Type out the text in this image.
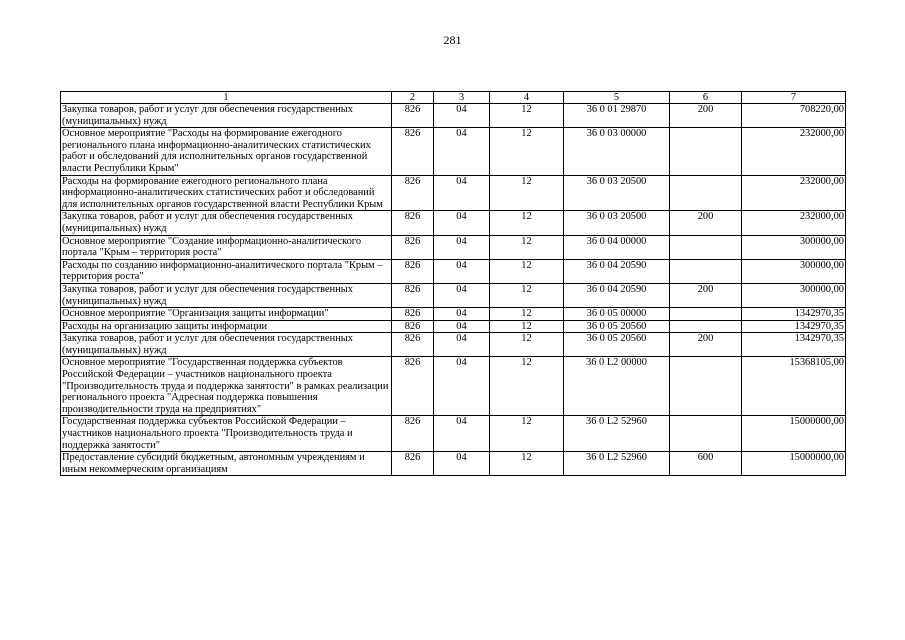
281
1	2	3	4	5	6	7
Закупка товаров, работ и услуг для обеспечения государственных (муниципальных) нужд	826	04	12	36 0 01 29870	200	708220,00
Основное мероприятие "Расходы на формирование ежегодного регионального плана информационно-аналитических статистических работ и обследований для исполнительных органов государственной власти Республики Крым"	826	04	12	36 0 03 00000		232000,00
Расходы на формирование ежегодного регионального плана информационно-аналитических статистических работ и обследований для исполнительных органов государственной власти Республики Крым	826	04	12	36 0 03 20500		232000,00
Закупка товаров, работ и услуг для обеспечения государственных (муниципальных) нужд	826	04	12	36 0 03 20500	200	232000,00
Основное мероприятие "Создание информационно-аналитического портала "Крым – территория роста"	826	04	12	36 0 04 00000		300000,00
Расходы по созданию информационно-аналитического портала "Крым – территория роста"	826	04	12	36 0 04 20590		300000,00
Закупка товаров, работ и услуг для обеспечения государственных (муниципальных) нужд	826	04	12	36 0 04 20590	200	300000,00
Основное мероприятие "Организация защиты информации"	826	04	12	36 0 05 00000		1342970,35
Расходы на организацию защиты информации	826	04	12	36 0 05 20560		1342970,35
Закупка товаров, работ и услуг для обеспечения государственных (муниципальных) нужд	826	04	12	36 0 05 20560	200	1342970,35
Основное мероприятие "Государственная поддержка субъектов Российской Федерации – участников национального проекта "Производительность труда и поддержка занятости" в рамках реализации регионального проекта "Адресная поддержка повышения производительности труда на предприятиях"	826	04	12	36 0 L2 00000		15368105,00
Государственная поддержка субъектов Российской Федерации – участников национального проекта "Производительность труда и поддержка занятости"	826	04	12	36 0 L2 52960		15000000,00
Предоставление субсидий бюджетным, автономным учреждениям и иным некоммерческим организациям	826	04	12	36 0 L2 52960	600	15000000,00
